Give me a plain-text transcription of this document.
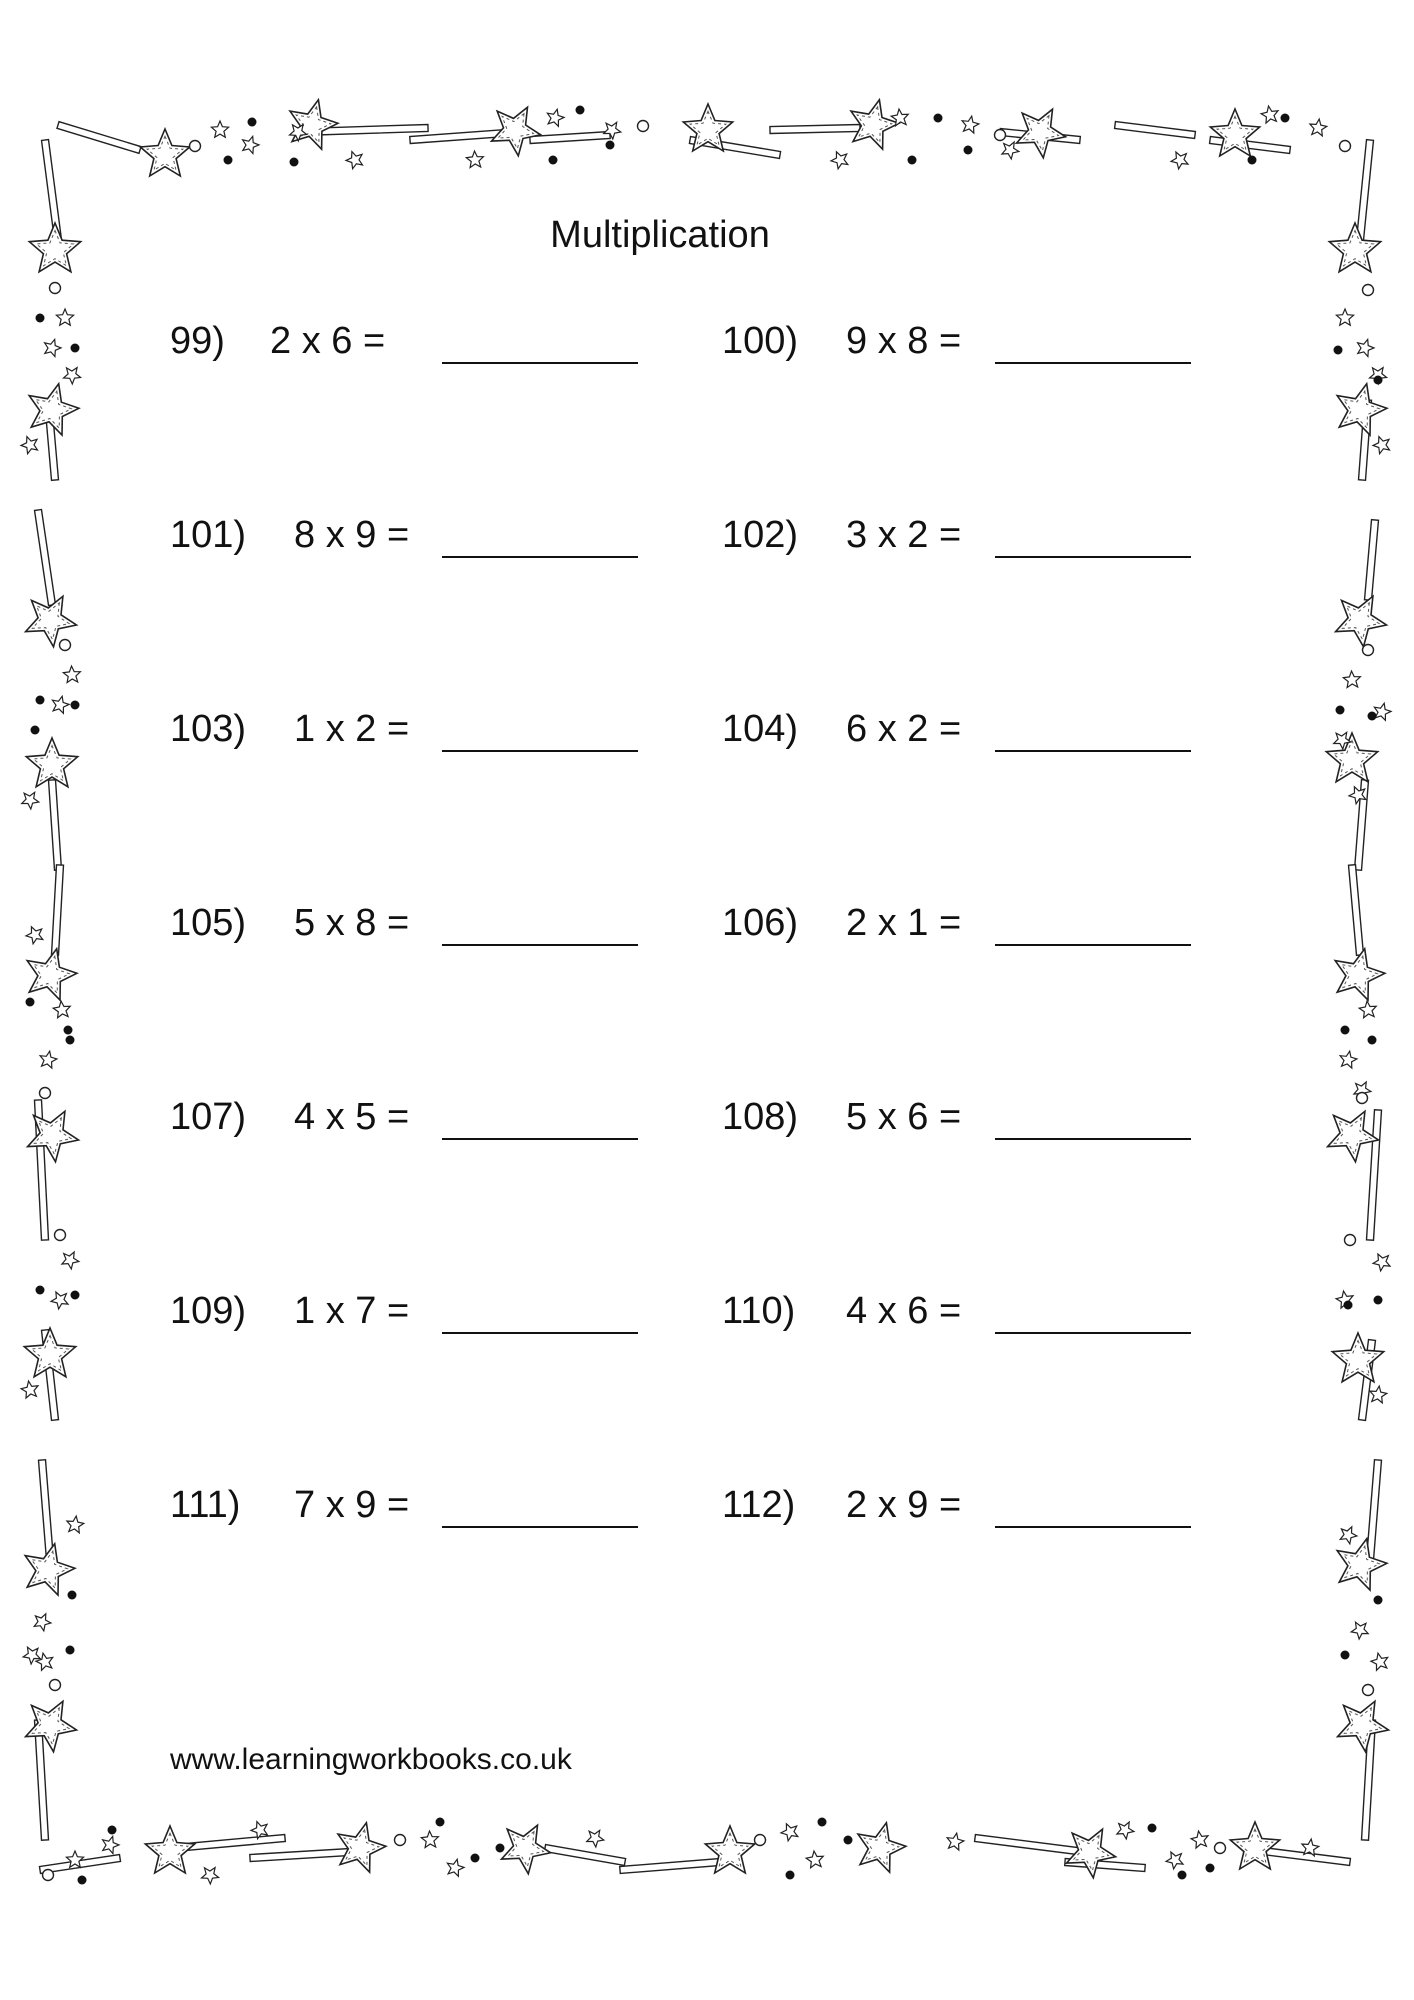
Multiplication
99) 2 x 6 =	100) 9 x 8 =
101) 8 x 9 =	102) 3 x 2 =
103) 1 x 2 =	104) 6 x 2 =
105) 5 x 8 =	106) 2 x 1 =
107) 4 x 5 =	108) 5 x 6 =
109) 1 x 7 =	110) 4 x 6 =
111) 7 x 9 =	112) 2 x 9 =
www.learningworkbooks.co.uk
